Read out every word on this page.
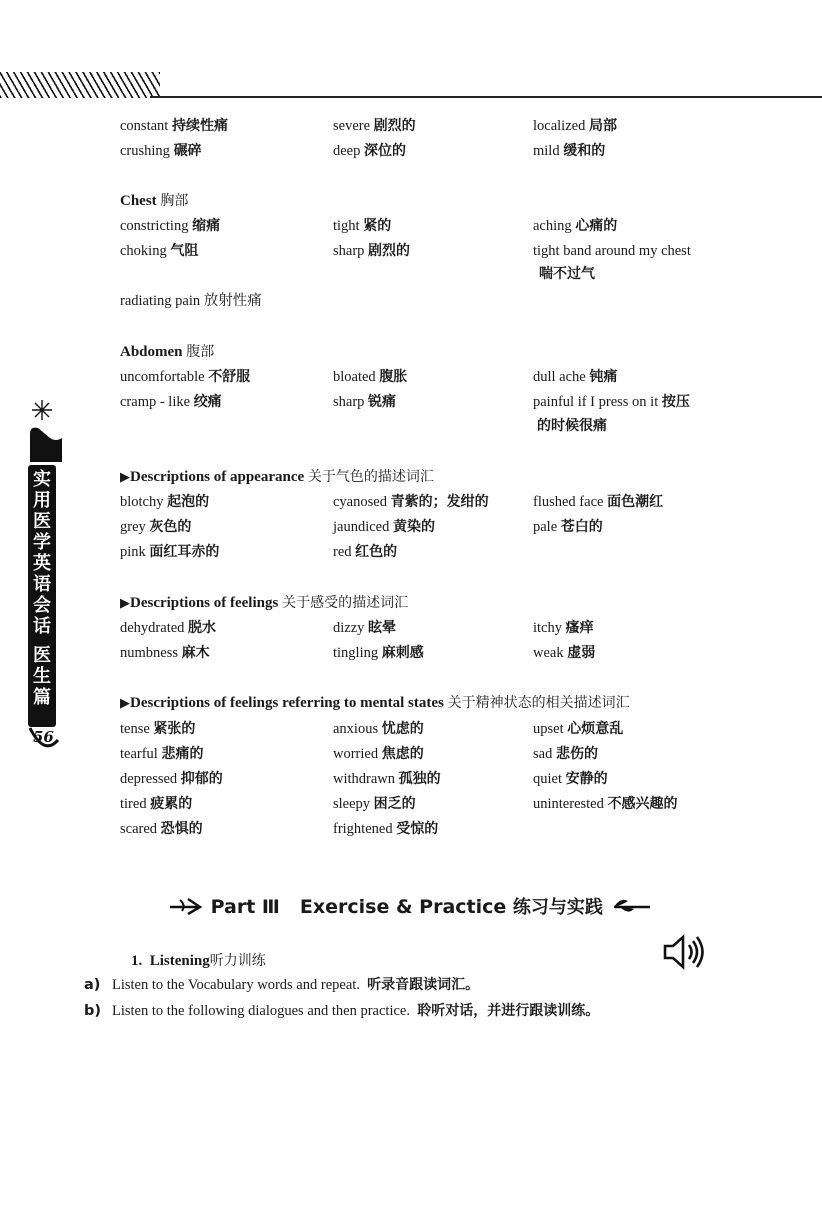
constant 持续性痛	severe 剧烈的	localized 局部
crushing 碾碎	deep 深位的	mild 缓和的
Chest 胸部
constricting 缩痛	tight 紧的	aching 心痛的
choking 气阻	sharp 剧烈的	tight band around my chest
喘不过气
radiating pain 放射性痛
Abdomen 腹部
uncomfortable 不舒服	bloated 腹胀	dull ache 钝痛
cramp - like 绞痛	sharp 锐痛	painful if I press on it 按压
的时候很痛
▶Descriptions of appearance 关于气色的描述词汇
blotchy 起泡的	cyanosed 青紫的；发绀的	flushed face 面色潮红
grey 灰色的	jaundiced 黄染的	pale 苍白的
pink 面红耳赤的	red 红色的
▶Descriptions of feelings 关于感受的描述词汇
dehydrated 脱水	dizzy 眩晕	itchy 瘙痒
numbness 麻木	tingling 麻刺感	weak 虚弱
▶Descriptions of feelings referring to mental states 关于精神状态的相关描述词汇
tense 紧张的	anxious 忧虑的	upset 心烦意乱
tearful 悲痛的	worried 焦虑的	sad 悲伤的
depressed 抑郁的	withdrawn 孤独的	quiet 安静的
tired 疲累的	sleepy 困乏的	uninterested 不感兴趣的
scared 恐惧的	frightened 受惊的
实
用
医
学
英
语
会
话
医
生
篇
56
Part Ⅲ Exercise & Practice 练习与实践
1. Listening听力训练
a) Listen to the Vocabulary words and repeat. 听录音跟读词汇。
b) Listen to the following dialogues and then practice. 聆听对话，并进行跟读训练。
